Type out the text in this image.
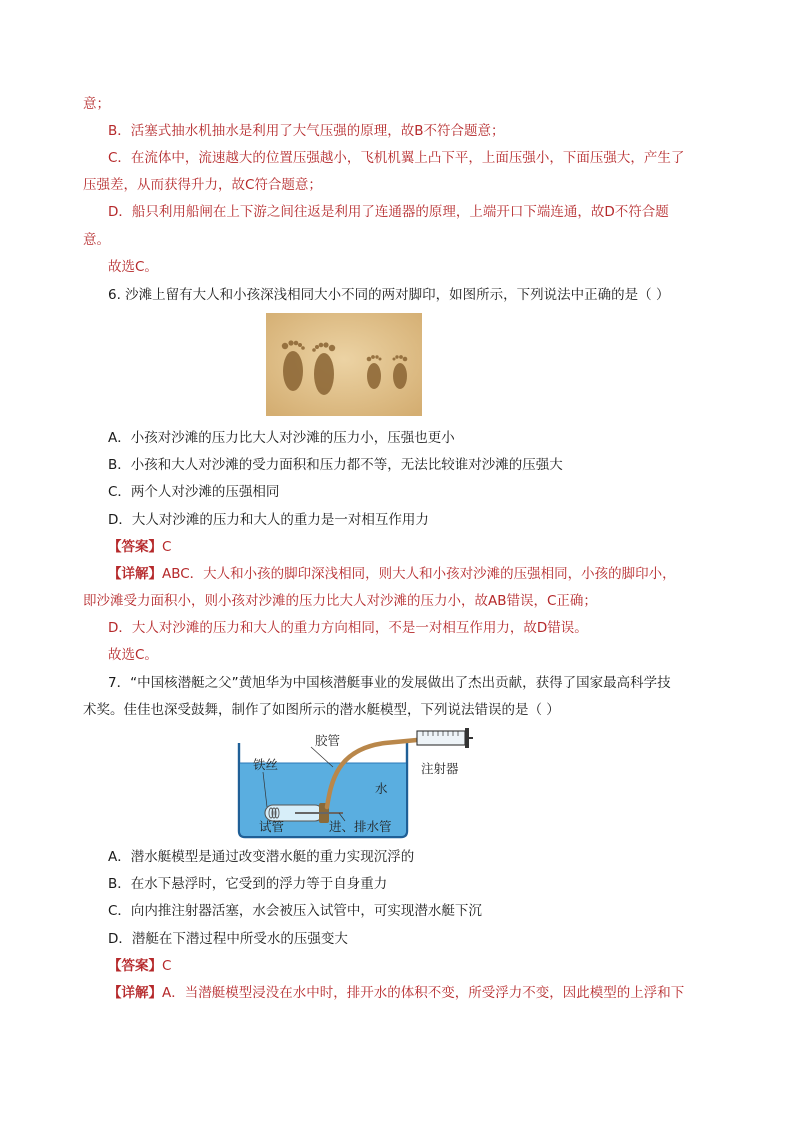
意；
B．活塞式抽水机抽水是利用了大气压强的原理，故B不符合题意；
C．在流体中，流速越大的位置压强越小，飞机机翼上凸下平，上面压强小，下面压强大，产生了
压强差，从而获得升力，故C符合题意；
D．船只利用船闸在上下游之间往返是利用了连通器的原理，上端开口下端连通，故D不符合题
意。
故选C。
6. 沙滩上留有大人和小孩深浅相同大小不同的两对脚印，如图所示，下列说法中正确的是（ ）
A．小孩对沙滩的压力比大人对沙滩的压力小，压强也更小
B．小孩和大人对沙滩的受力面积和压力都不等，无法比较谁对沙滩的压强大
C．两个人对沙滩的压强相同
D．大人对沙滩的压力和大人的重力是一对相互作用力
【答案】C
【详解】ABC．大人和小孩的脚印深浅相同，则大人和小孩对沙滩的压强相同，小孩的脚印小，
即沙滩受力面积小，则小孩对沙滩的压力比大人对沙滩的压力小，故AB错误，C正确；
D．大人对沙滩的压力和大人的重力方向相同，不是一对相互作用力，故D错误。
故选C。
7．“中国核潜艇之父”黄旭华为中国核潜艇事业的发展做出了杰出贡献，获得了国家最高科学技
术奖。佳佳也深受鼓舞，制作了如图所示的潜水艇模型，下列说法错误的是（ ）
铁丝
胶管
注射器
水
试管	进、排水管
A．潜水艇模型是通过改变潜水艇的重力实现沉浮的
B．在水下悬浮时，它受到的浮力等于自身重力
C．向内推注射器活塞，水会被压入试管中，可实现潜水艇下沉
D．潜艇在下潜过程中所受水的压强变大
【答案】C
【详解】A．当潜艇模型浸没在水中时，排开水的体积不变，所受浮力不变，因此模型的上浮和下
